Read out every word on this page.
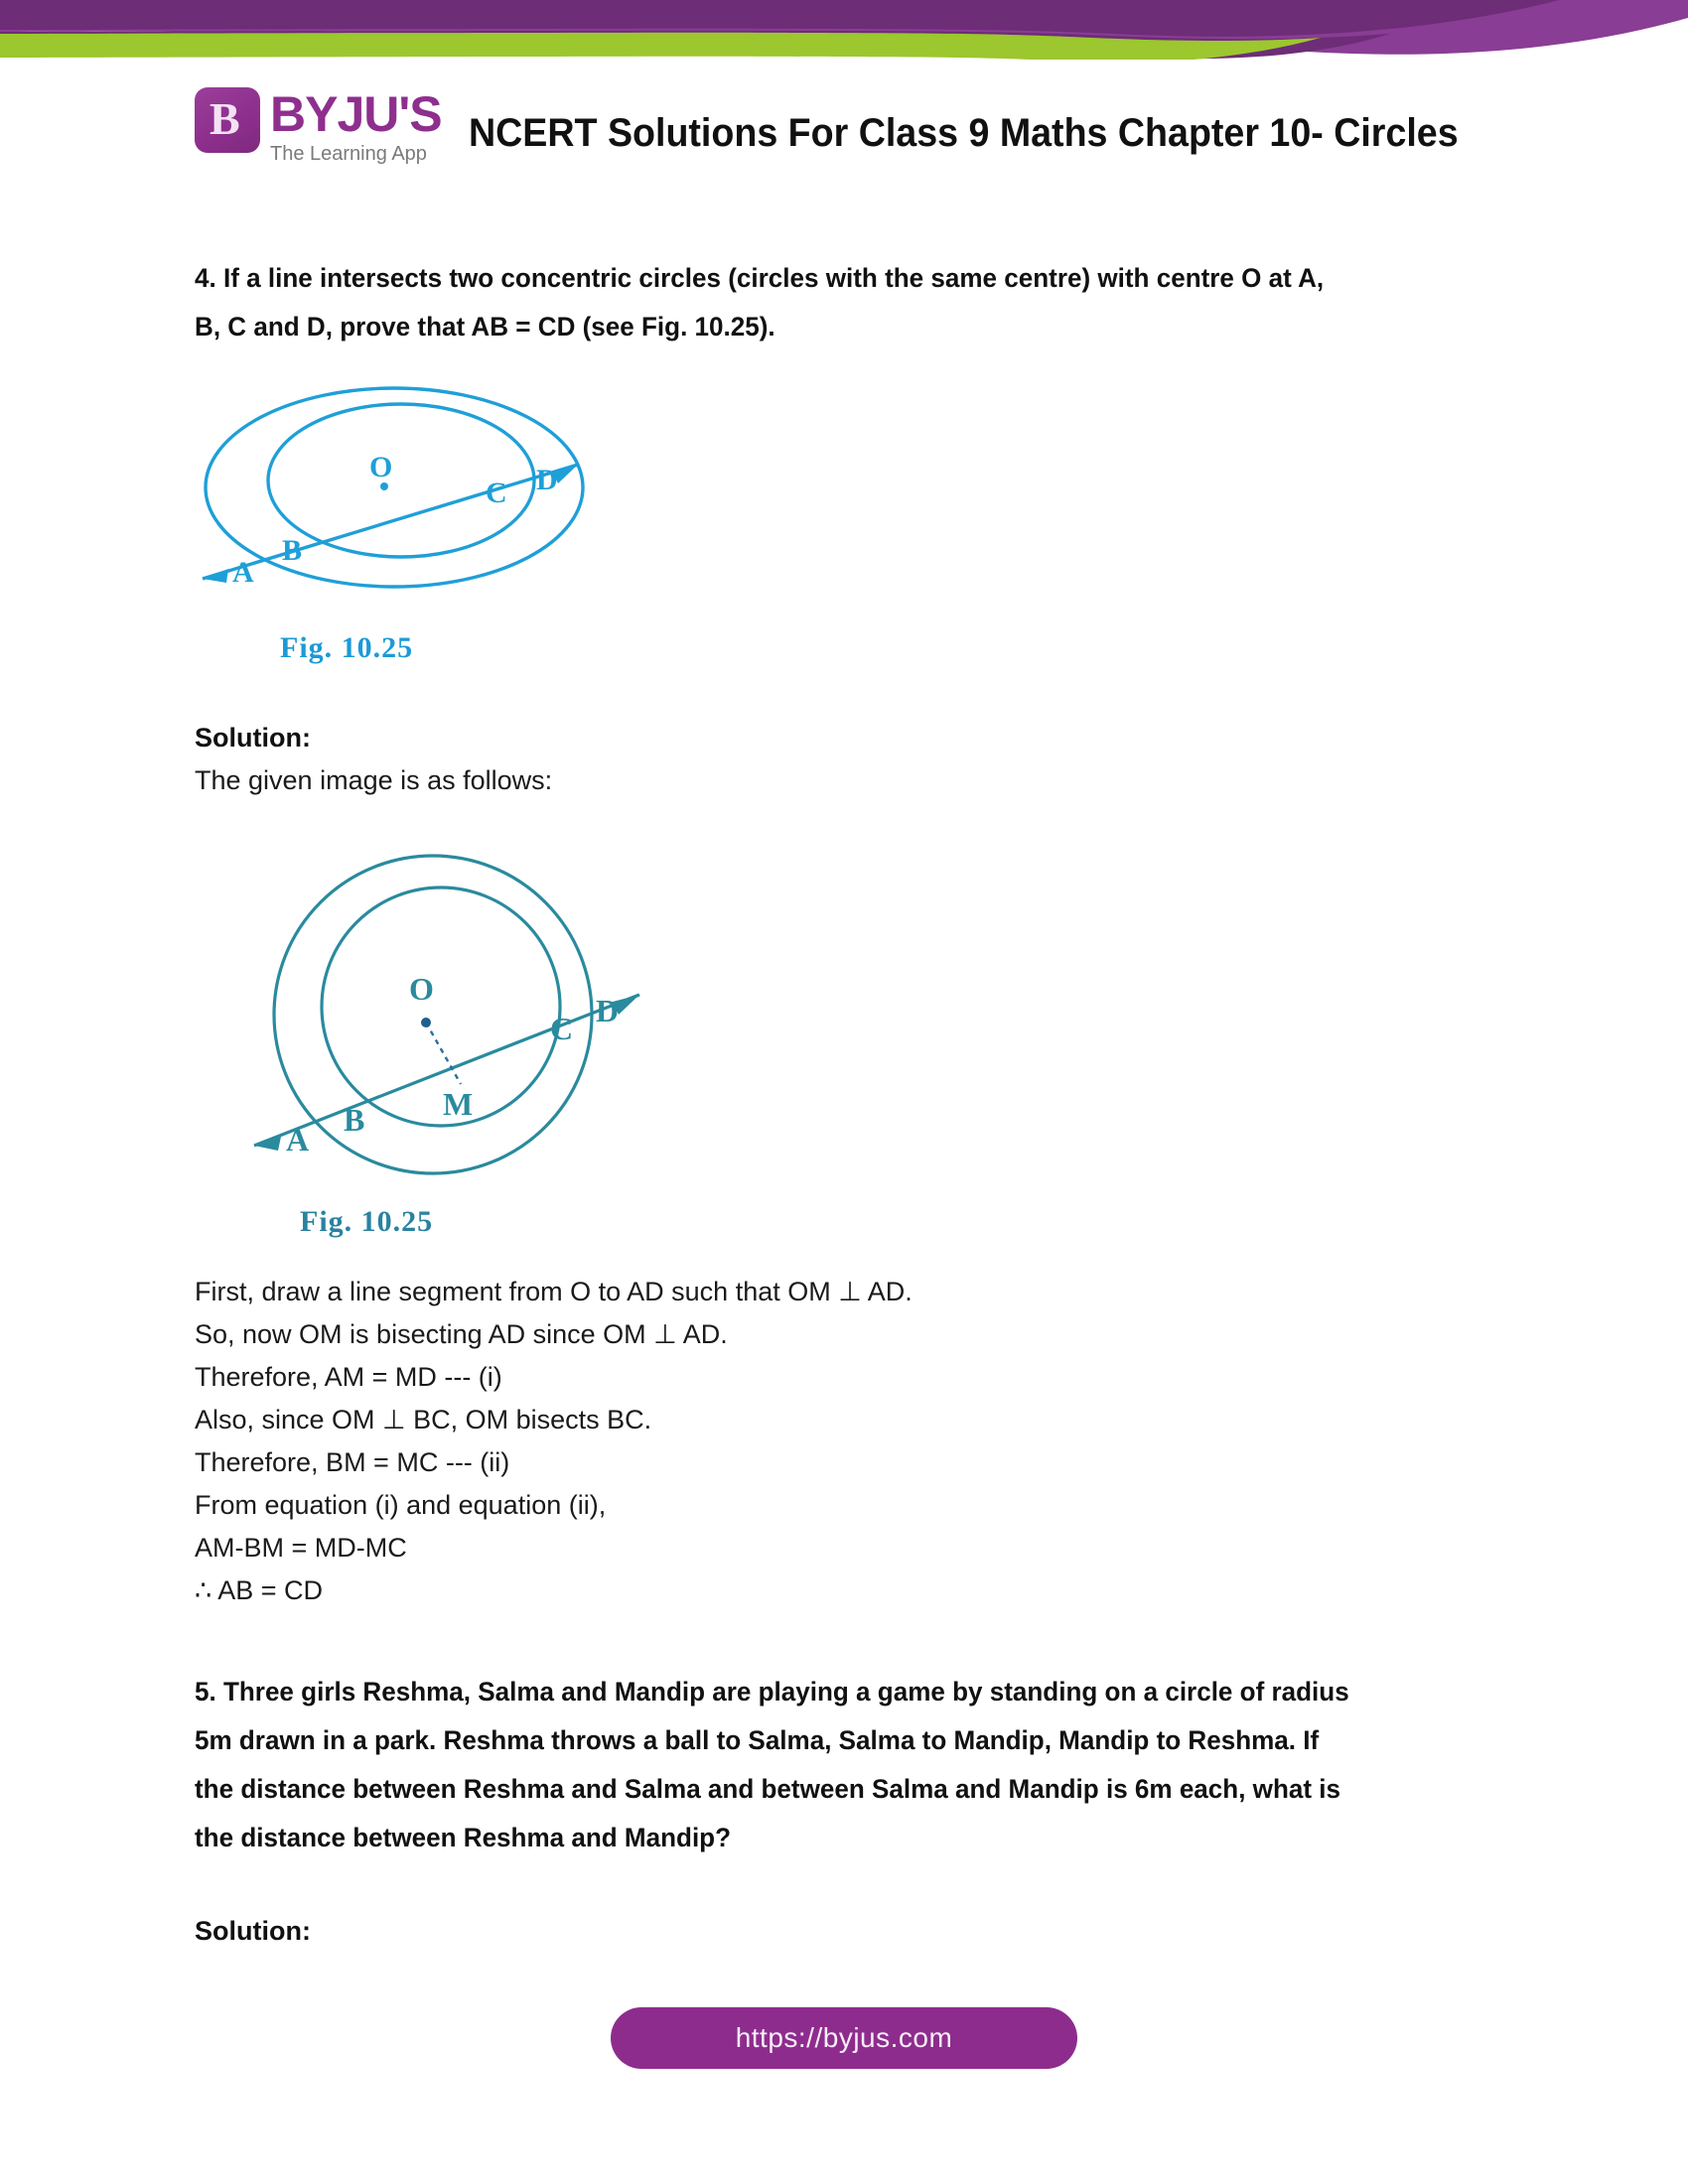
B BYJU'S
The Learning App	NCERT Solutions For Class 9 Maths Chapter 10- Circles
4. If a line intersects two concentric circles (circles with the same centre) with centre O at A,
B, C and D, prove that AB = CD (see Fig. 10.25).
O
A
B
C D
Fig. 10.25
Solution:
The given image is as follows:
O
M
A
B
C D
Fig. 10.25
First, draw a line segment from O to AD such that OM ⊥ AD.
So, now OM is bisecting AD since OM ⊥ AD.
Therefore, AM = MD --- (i)
Also, since OM ⊥ BC, OM bisects BC.
Therefore, BM = MC --- (ii)
From equation (i) and equation (ii),
AM-BM = MD-MC
∴ AB = CD
5. Three girls Reshma, Salma and Mandip are playing a game by standing on a circle of radius
5m drawn in a park. Reshma throws a ball to Salma, Salma to Mandip, Mandip to Reshma. If
the distance between Reshma and Salma and between Salma and Mandip is 6m each, what is
the distance between Reshma and Mandip?
Solution:
https://byjus.com
